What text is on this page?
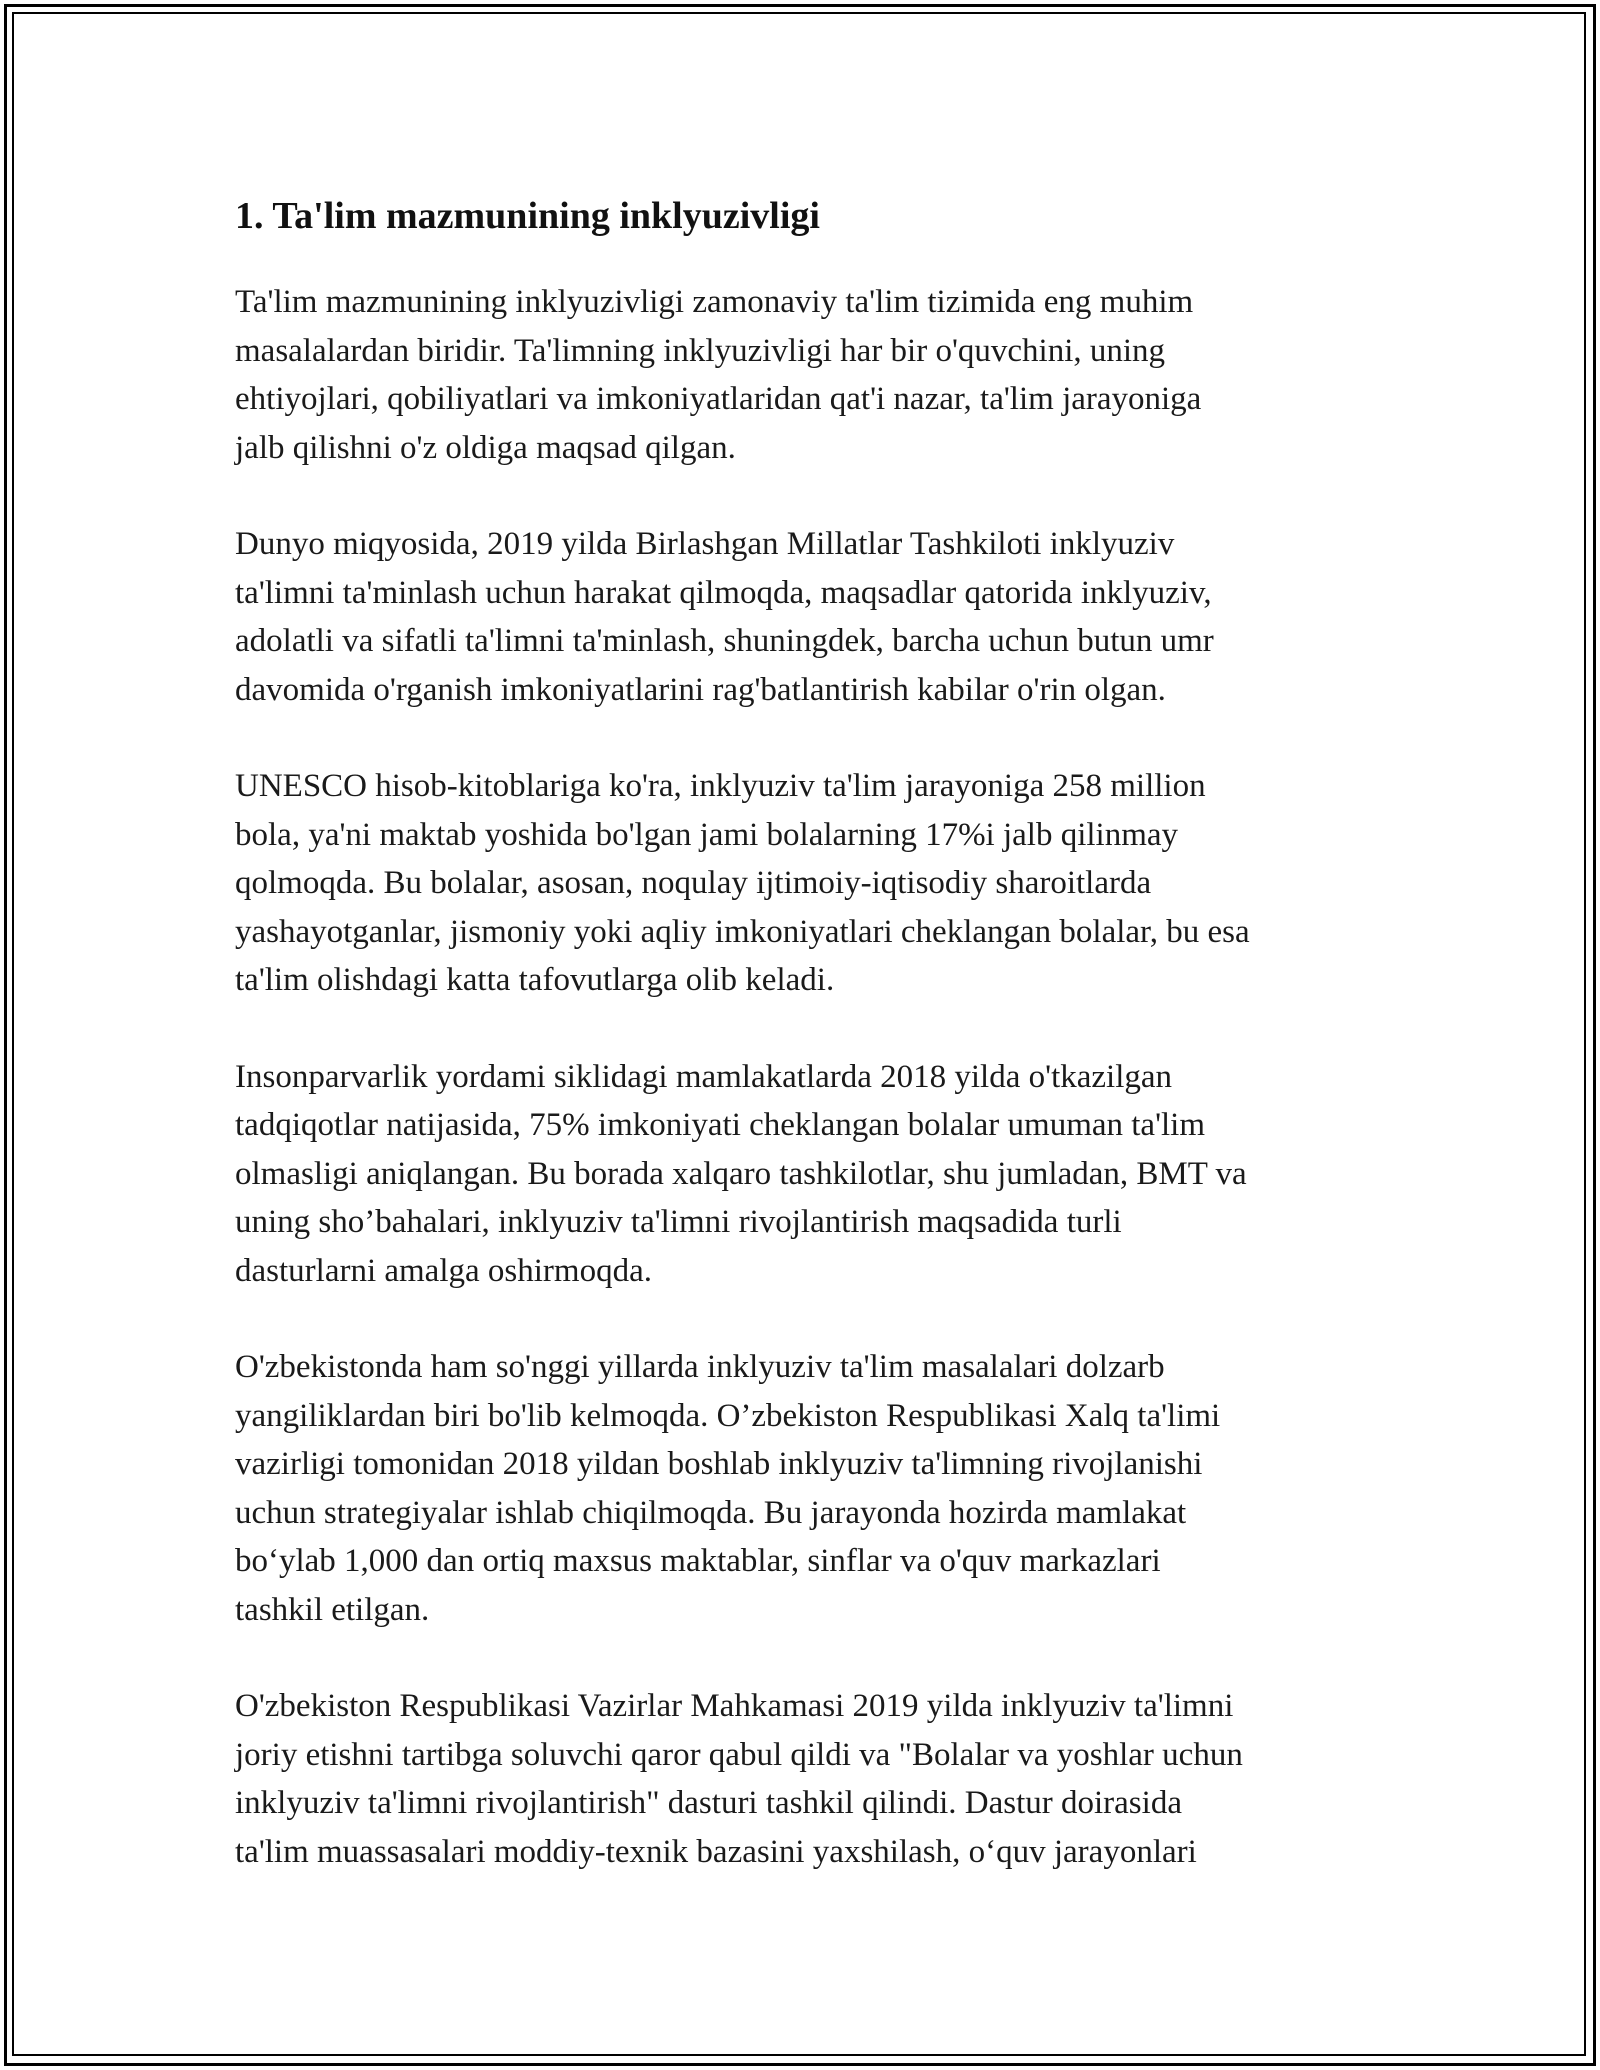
1. Ta'lim mazmunining inklyuzivligi

Ta'lim mazmunining inklyuzivligi zamonaviy ta'lim tizimida eng muhim
masalalardan biridir. Ta'limning inklyuzivligi har bir o'quvchini, uning
ehtiyojlari, qobiliyatlari va imkoniyatlaridan qat'i nazar, ta'lim jarayoniga
jalb qilishni o'z oldiga maqsad qilgan.

Dunyo miqyosida, 2019 yilda Birlashgan Millatlar Tashkiloti inklyuziv
ta'limni ta'minlash uchun harakat qilmoqda, maqsadlar qatorida inklyuziv,
adolatli va sifatli ta'limni ta'minlash, shuningdek, barcha uchun butun umr
davomida o'rganish imkoniyatlarini rag'batlantirish kabilar o'rin olgan.

UNESCO hisob-kitoblariga ko'ra, inklyuziv ta'lim jarayoniga 258 million
bola, ya'ni maktab yoshida bo'lgan jami bolalarning 17%i jalb qilinmay
qolmoqda. Bu bolalar, asosan, noqulay ijtimoiy-iqtisodiy sharoitlarda
yashayotganlar, jismoniy yoki aqliy imkoniyatlari cheklangan bolalar, bu esa
ta'lim olishdagi katta tafovutlarga olib keladi.

Insonparvarlik yordami siklidagi mamlakatlarda 2018 yilda o'tkazilgan
tadqiqotlar natijasida, 75% imkoniyati cheklangan bolalar umuman ta'lim
olmasligi aniqlangan. Bu borada xalqaro tashkilotlar, shu jumladan, BMT va
uning sho’bahalari, inklyuziv ta'limni rivojlantirish maqsadida turli
dasturlarni amalga oshirmoqda.

O'zbekistonda ham so'nggi yillarda inklyuziv ta'lim masalalari dolzarb
yangiliklardan biri bo'lib kelmoqda. O’zbekiston Respublikasi Xalq ta'limi
vazirligi tomonidan 2018 yildan boshlab inklyuziv ta'limning rivojlanishi
uchun strategiyalar ishlab chiqilmoqda. Bu jarayonda hozirda mamlakat
bo‘ylab 1,000 dan ortiq maxsus maktablar, sinflar va o'quv markazlari
tashkil etilgan.

O'zbekiston Respublikasi Vazirlar Mahkamasi 2019 yilda inklyuziv ta'limni
joriy etishni tartibga soluvchi qaror qabul qildi va "Bolalar va yoshlar uchun
inklyuziv ta'limni rivojlantirish" dasturi tashkil qilindi. Dastur doirasida
ta'lim muassasalari moddiy-texnik bazasini yaxshilash, o‘quv jarayonlari
